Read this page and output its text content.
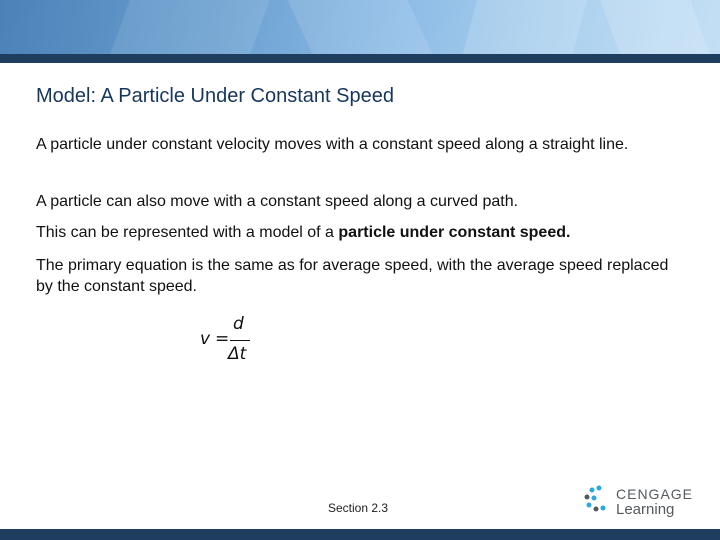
Model: A Particle Under Constant Speed

A particle under constant velocity moves with a constant speed along a straight line.

A particle can also move with a constant speed along a curved path.

This can be represented with a model of a particle under constant speed.

The primary equation is the same as for average speed, with the average speed replaced by the constant speed.

v =
d
Δt
Section 2.3
CENGAGE
Learning
